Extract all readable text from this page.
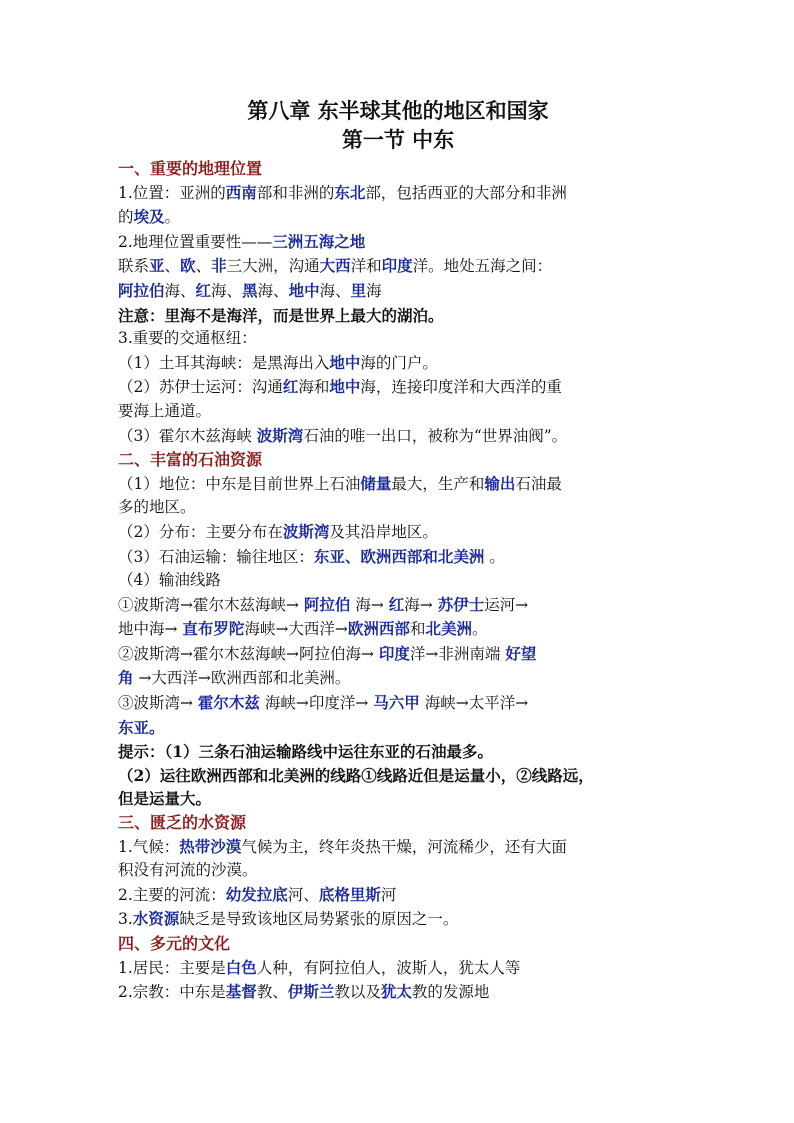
第八章 东半球其他的地区和国家
第一节 中东

一、重要的地理位置

1.位置：亚洲的西南部和非洲的东北部，包括西亚的大部分和非洲

的埃及。

2.地理位置重要性——三洲五海之地

联系亚、欧、非三大洲，沟通大西洋和印度洋。地处五海之间：

阿拉伯海、红海、黑海、地中海、里海

注意：里海不是海洋，而是世界上最大的湖泊。

3.重要的交通枢纽：

（1）土耳其海峡：是黑海出入地中海的门户。

（2）苏伊士运河：沟通红海和地中海，连接印度洋和大西洋的重

要海上通道。

（3）霍尔木兹海峡 波斯湾石油的唯一出口，被称为“世界油阀”。

二、丰富的石油资源

（1）地位：中东是目前世界上石油储量最大，生产和输出石油最

多的地区。

（2）分布：主要分布在波斯湾及其沿岸地区。

（3）石油运输：输往地区：东亚、欧洲西部和北美洲 。

（4）输油线路

①波斯湾→霍尔木兹海峡→ 阿拉伯 海→ 红海→ 苏伊士运河→

地中海→ 直布罗陀海峡→大西洋→欧洲西部和北美洲。

②波斯湾→霍尔木兹海峡→阿拉伯海→ 印度洋→非洲南端 好望

角 →大西洋→欧洲西部和北美洲。

③波斯湾→ 霍尔木兹 海峡→印度洋→ 马六甲 海峡→太平洋→

东亚。

提示：（1）三条石油运输路线中运往东亚的石油最多。

（2）运往欧洲西部和北美洲的线路①线路近但是运量小，②线路远，

但是运量大。

三、匮乏的水资源

1.气候：热带沙漠气候为主，终年炎热干燥，河流稀少，还有大面

积没有河流的沙漠。

2.主要的河流：幼发拉底河、底格里斯河

3.水资源缺乏是导致该地区局势紧张的原因之一。

四、多元的文化

1.居民：主要是白色人种，有阿拉伯人，波斯人，犹太人等

2.宗教：中东是基督教、伊斯兰教以及犹太教的发源地
